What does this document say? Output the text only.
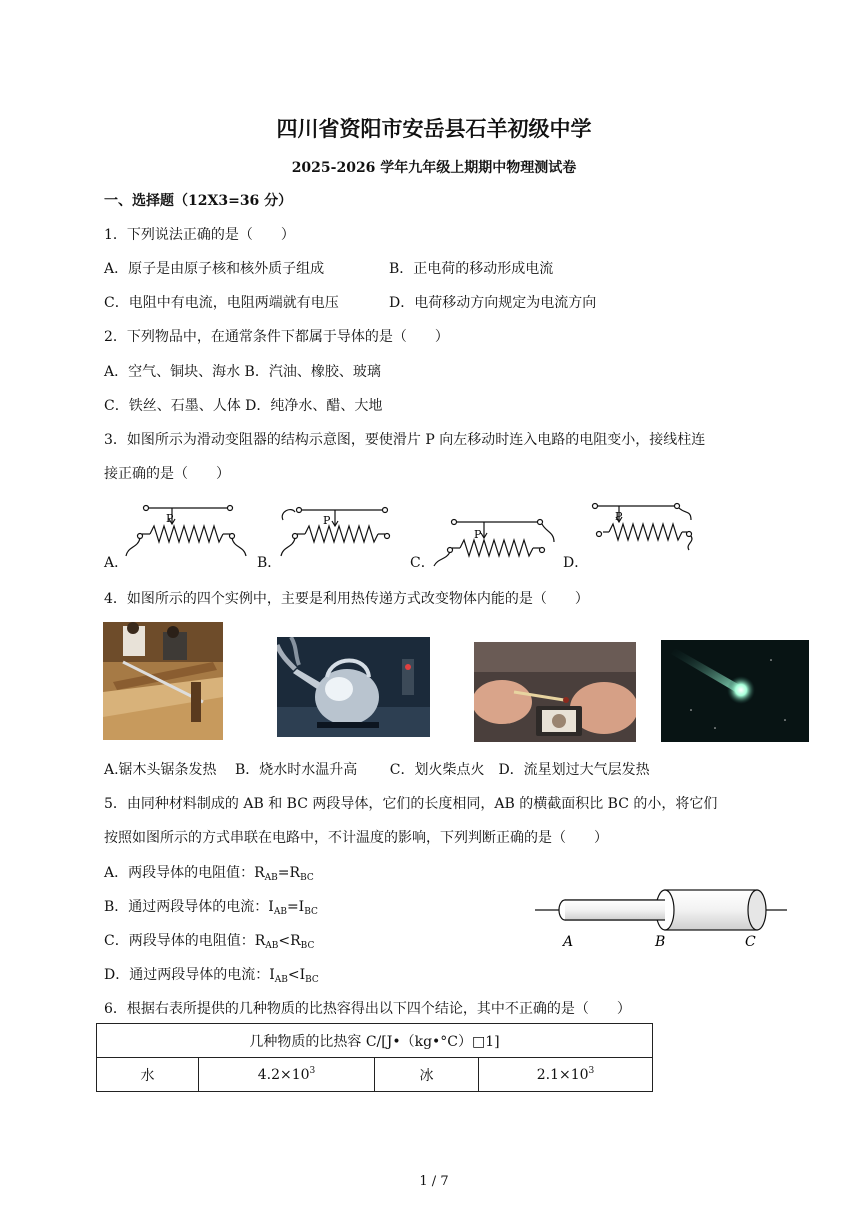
四川省资阳市安岳县石羊初级中学
2025-2026 学年九年级上期期中物理测试卷
一、选择题（12X3=36 分）
1．下列说法正确的是（　　）
A．原子是由原子核和核外质子组成	B．正电荷的移动形成电流
C．电阻中有电流，电阻两端就有电压	D．电荷移动方向规定为电流方向
2．下列物品中，在通常条件下都属于导体的是（　　）
A．空气、铜块、海水 B．汽油、橡胶、玻璃
C．铁丝、石墨、人体 D．纯净水、醋、大地
3．如图所示为滑动变阻器的结构示意图，要使滑片 P 向左移动时连入电路的电阻变小，接线柱连
接正确的是（　　）
A．	B．	C．	D．
P	P
P
P
4．如图所示的四个实例中，主要是利用热传递方式改变物体内能的是（　　）
A.锯木头锯条发热　 B．烧水时水温升高　　 C．划火柴点火　D．流星划过大气层发热
5．由同种材料制成的 AB 和 BC 两段导体，它们的长度相同，AB 的横截面积比 BC 的小，将它们
按照如图所示的方式串联在电路中，不计温度的影响，下列判断正确的是（　　）
A．两段导体的电阻值：$R_{AB}=R_{BC}$
B．通过两段导体的电流：$I_{AB}=I_{BC}$
C．两段导体的电阻值：$R_{AB}<R_{BC}$
D．通过两段导体的电流：$I_{AB}<I_{BC}$
A	B	C
6．根据右表所提供的几种物质的比热容得出以下四个结论，其中不正确的是（　　）
几种物质的比热容 C/[J•（kg•°C）□1]
水	$4.2\times 10^3$	冰	$2.1\times 10^3$
1 / 7
